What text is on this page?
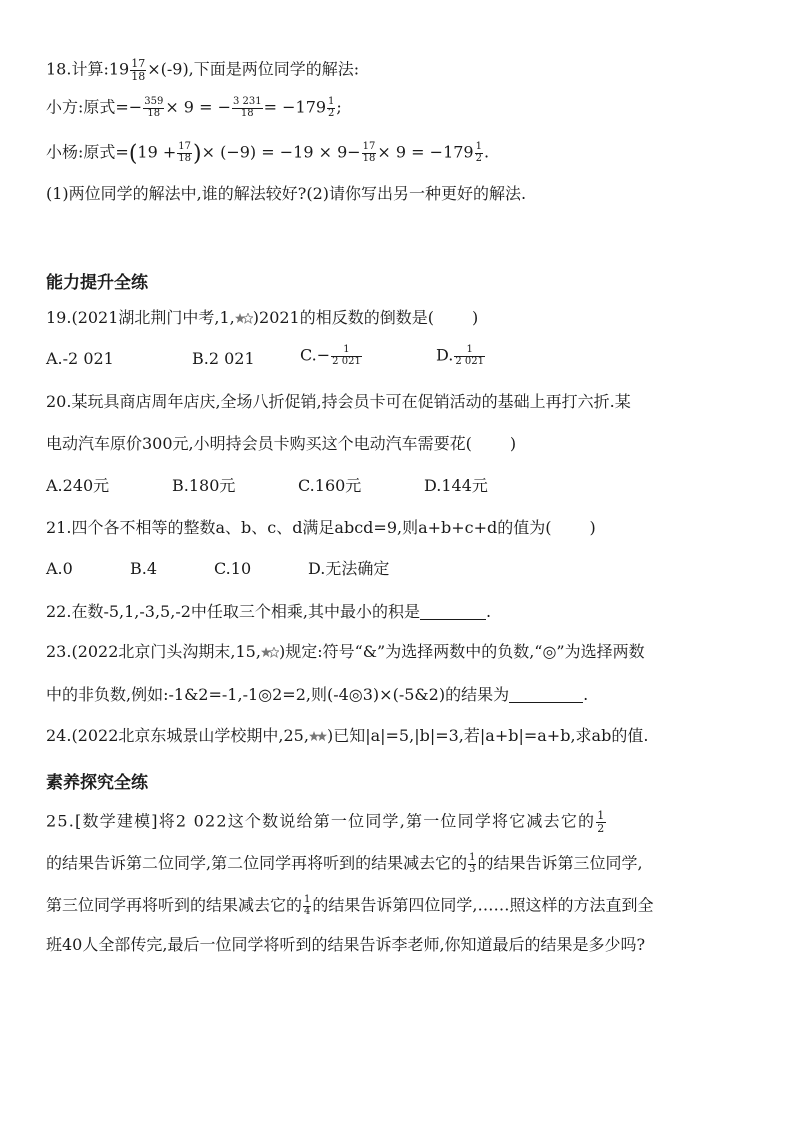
18.计算:19 $\frac{17}{18} \times(-9)$,下面是两位同学的解法:
小方:原式=− $\frac{359}{18} \times 9$ = − $\frac{3 231}{18} = -179 \frac{1}{2}$ ;
小杨:原式$=(19 + \frac{17}{18}$ )× $(-9) = -19 \times 9- \frac{17}{18} \times 9 = -179 \frac{1}{2}$ .
(1)两位同学的解法中,谁的解法较好?(2)请你写出另一种更好的解法.
能力提升全练
19.(2021湖北荆门中考,1, )2021的相反数的倒数是( )
A.-2 021	B.2 021	$C.- \frac{1}{2 021}$	D. $\frac{1}{2 021}$
20.某玩具商店周年店庆,全场八折促销,持会员卡可在促销活动的基础上再打六折.某
电动汽车原价300元,小明持会员卡购买这个电动汽车需要花( )
A.240元	B.180元	C.160元	D.144元
21.四个各不相等的整数a、b、c、d满足abcd=9,则a+b+c+d的值为( )
A.0	B.4	C.10	D.无法确定
22.在数-5,1,-3,5,-2中任取三个相乘,其中最小的积是	.
23.(2022北京门头沟期末,15, )规定:符号“&”为选择两数中的负数,“◎”为选择两数
中的非负数,例如:-1&2=-1,-1◎2=2,则(-4◎3)×(-5&2)的结果为	.
24.(2022北京东城景山学校期中,25, )已知|a|=5,|b|=3,若|a+b|=a+b,求ab的值.
素养探究全练
25.[数学建模]将2 022这个数说给第一位同学,第一位同学将它减去它的 $\frac{1}{2}$
的结果告诉第二位同学,第二位同学再将听到的结果减去它的 $\frac{1}{3}$ 的结果告诉第三位同学,
第三位同学再将听到的结果减去它的 $\frac{1}{4}$ 的结果告诉第四位同学,……照这样的方法直到全
班40人全部传完,最后一位同学将听到的结果告诉李老师,你知道最后的结果是多少吗?
